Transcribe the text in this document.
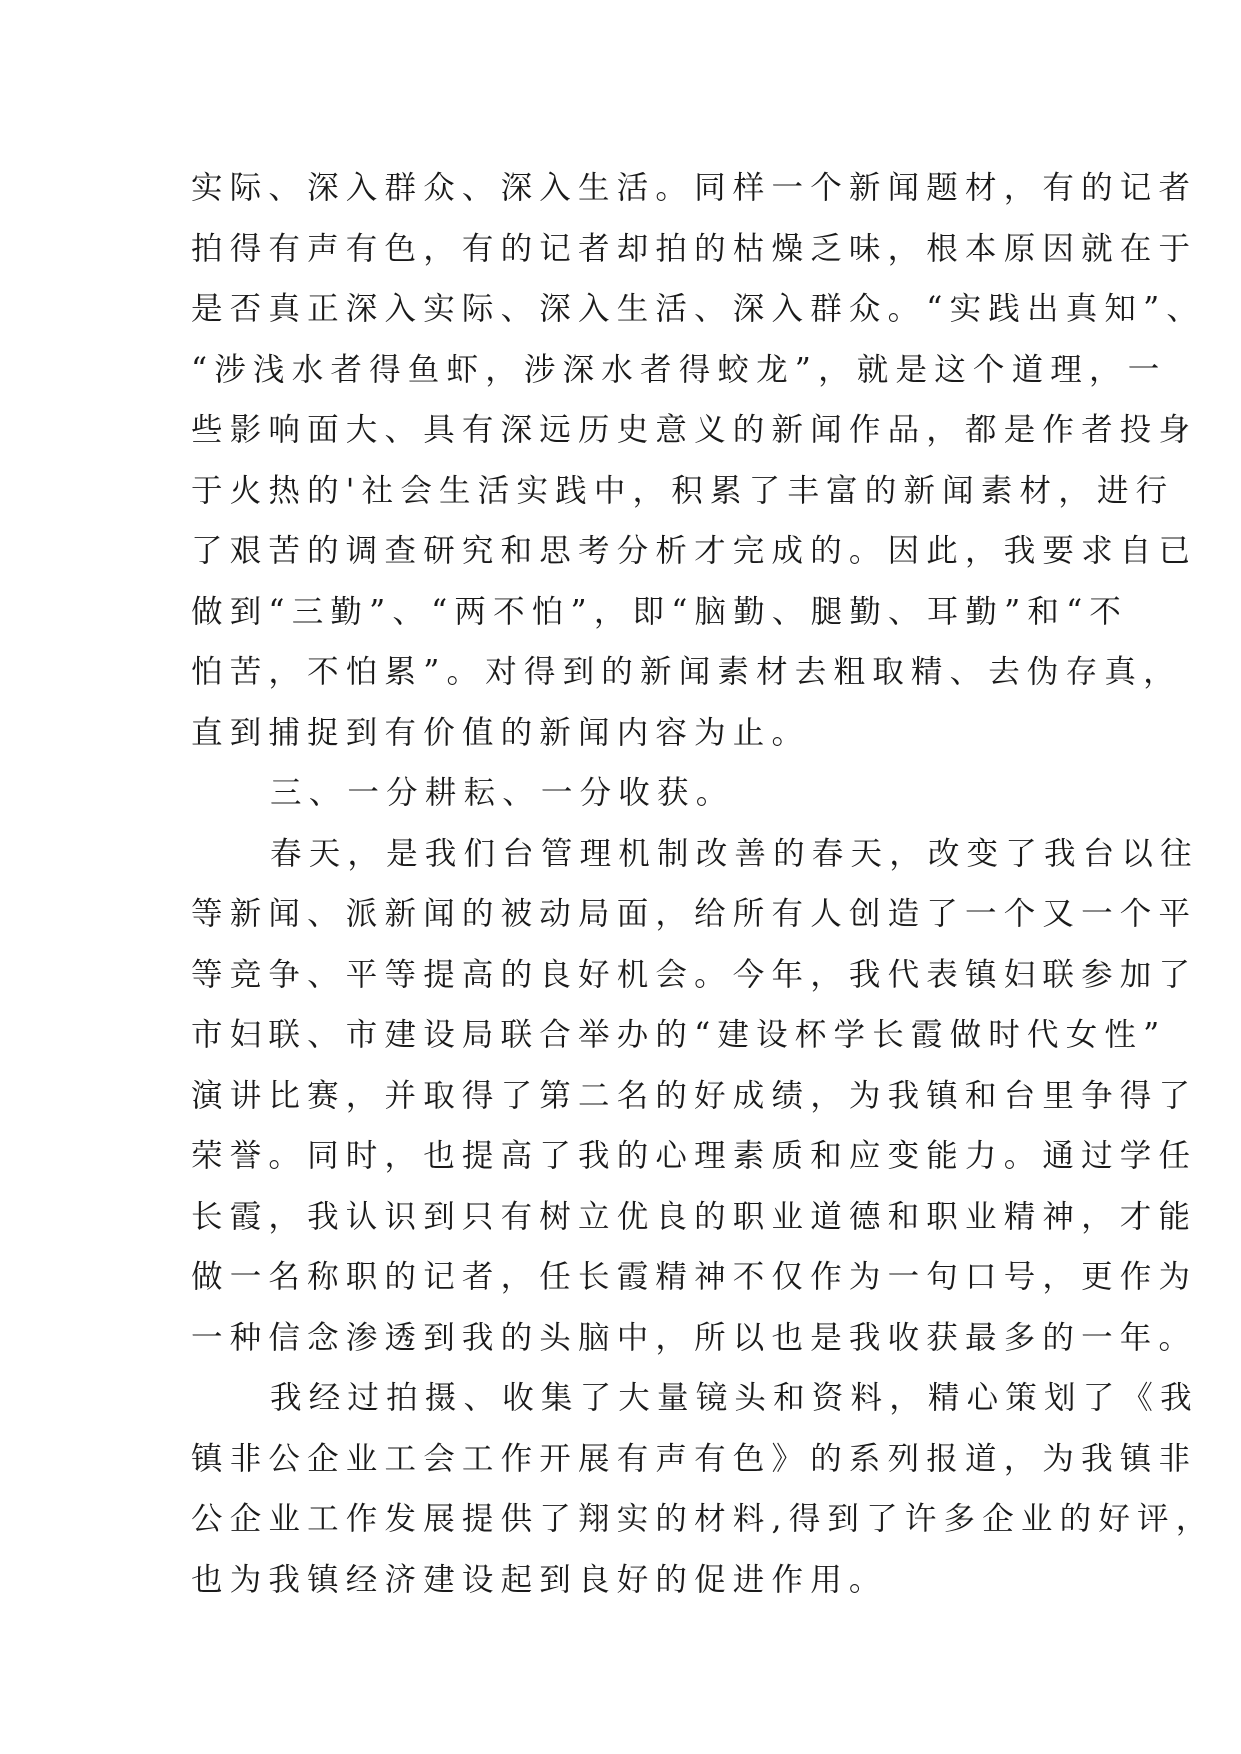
实际、深入群众、深入生活。同样一个新闻题材，有的记者
拍得有声有色，有的记者却拍的枯燥乏味，根本原因就在于
是否真正深入实际、深入生活、深入群众。“实践出真知”、
“涉浅水者得鱼虾，涉深水者得蛟龙”，就是这个道理，一
些影响面大、具有深远历史意义的新闻作品，都是作者投身
于火热的'社会生活实践中，积累了丰富的新闻素材，进行
了艰苦的调查研究和思考分析才完成的。因此，我要求自已
做到“三勤”、“两不怕”，即“脑勤、腿勤、耳勤”和“不
怕苦，不怕累”。对得到的新闻素材去粗取精、去伪存真，
直到捕捉到有价值的新闻内容为止。
三、一分耕耘、一分收获。
春天，是我们台管理机制改善的春天，改变了我台以往
等新闻、派新闻的被动局面，给所有人创造了一个又一个平
等竞争、平等提高的良好机会。今年，我代表镇妇联参加了
市妇联、市建设局联合举办的“建设杯学长霞做时代女性”
演讲比赛，并取得了第二名的好成绩，为我镇和台里争得了
荣誉。同时，也提高了我的心理素质和应变能力。通过学任
长霞，我认识到只有树立优良的职业道德和职业精神，才能
做一名称职的记者，任长霞精神不仅作为一句口号，更作为
一种信念渗透到我的头脑中，所以也是我收获最多的一年。
我经过拍摄、收集了大量镜头和资料，精心策划了《我
镇非公企业工会工作开展有声有色》的系列报道，为我镇非
公企业工作发展提供了翔实的材料,得到了许多企业的好评，
也为我镇经济建设起到良好的促进作用。
